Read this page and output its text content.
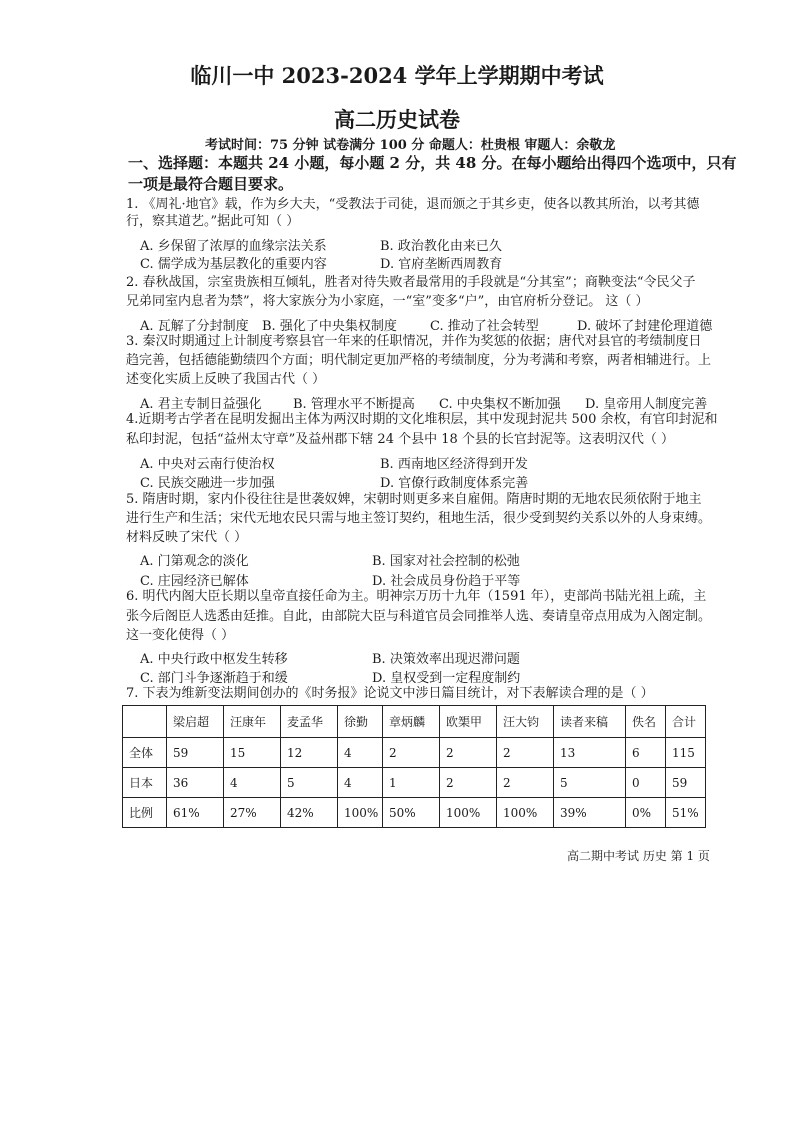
临川一中 2023-2024 学年上学期期中考试
高二历史试卷
考试时间：75 分钟 试卷满分 100 分 命题人：杜贵根 审题人：余敬龙
一、选择题：本题共 24 小题，每小题 2 分，共 48 分。在每小题给出得四个选项中，只有
一项是最符合题目要求。
1. 《周礼·地官》载，作为乡大夫，“受教法于司徒，退而颁之于其乡吏，使各以教其所治，以考其德
行，察其道艺。”据此可知（ ）
A. 乡保留了浓厚的血缘宗法关系	B. 政治教化由来已久
C. 儒学成为基层教化的重要内容	D. 官府垄断西周教育
2. 春秋战国，宗室贵族相互倾轧，胜者对待失败者最常用的手段就是“分其室”；商鞅变法“令民父子
兄弟同室内息者为禁”，将大家族分为小家庭，一“室”变多“户”，由官府析分登记。 这（ ）
A. 瓦解了分封制度 B. 强化了中央集权制度	C. 推动了社会转型	D. 破坏了封建伦理道德
3. 秦汉时期通过上计制度考察县官一年来的任职情况，并作为奖惩的依据；唐代对县官的考绩制度日
趋完善，包括德能勤绩四个方面；明代制定更加严格的考绩制度，分为考满和考察，两者相辅进行。上
述变化实质上反映了我国古代（ ）
A. 君主专制日益强化 B. 管理水平不断提高 C. 中央集权不断加强 D. 皇帝用人制度完善
4.近期考古学者在昆明发掘出主体为两汉时期的文化堆积层，其中发现封泥共 500 余枚，有官印封泥和
私印封泥，包括“益州太守章”及益州郡下辖 24 个县中 18 个县的长官封泥等。这表明汉代（ ）
A. 中央对云南行使治权	B. 西南地区经济得到开发
C. 民族交融进一步加强	D. 官僚行政制度体系完善
5. 隋唐时期，家内仆役往往是世袭奴婢，宋朝时则更多来自雇佣。隋唐时期的无地农民须依附于地主
进行生产和生活；宋代无地农民只需与地主签订契约，租地生活，很少受到契约关系以外的人身束缚。
材料反映了宋代（ ）
A. 门第观念的淡化	B. 国家对社会控制的松弛
C. 庄园经济已解体	D. 社会成员身份趋于平等
6. 明代内阁大臣长期以皇帝直接任命为主。明神宗万历十九年（1591 年），吏部尚书陆光祖上疏，主
张今后阁臣人选悉由廷推。自此，由部院大臣与科道官员会同推举人选、奏请皇帝点用成为入阁定制。
这一变化使得（ ）
A. 中央行政中枢发生转移	B. 决策效率出现迟滞问题
C. 部门斗争逐渐趋于和缓	D. 皇权受到一定程度制约
7. 下表为维新变法期间创办的《时务报》论说文中涉日篇目统计，对下表解读合理的是（ ）
	梁启超	汪康年	麦孟华	徐勤	章炳麟	欧榘甲	汪大钧	读者来稿	佚名	合计
全体	59	15	12	4	2	2	2	13	6	115
日本	36	4	5	4	1	2	2	5	0	59
比例	61%	27%	42%	100%	50%	100%	100%	39%	0%	51%
高二期中考试 历史 第 1 页
